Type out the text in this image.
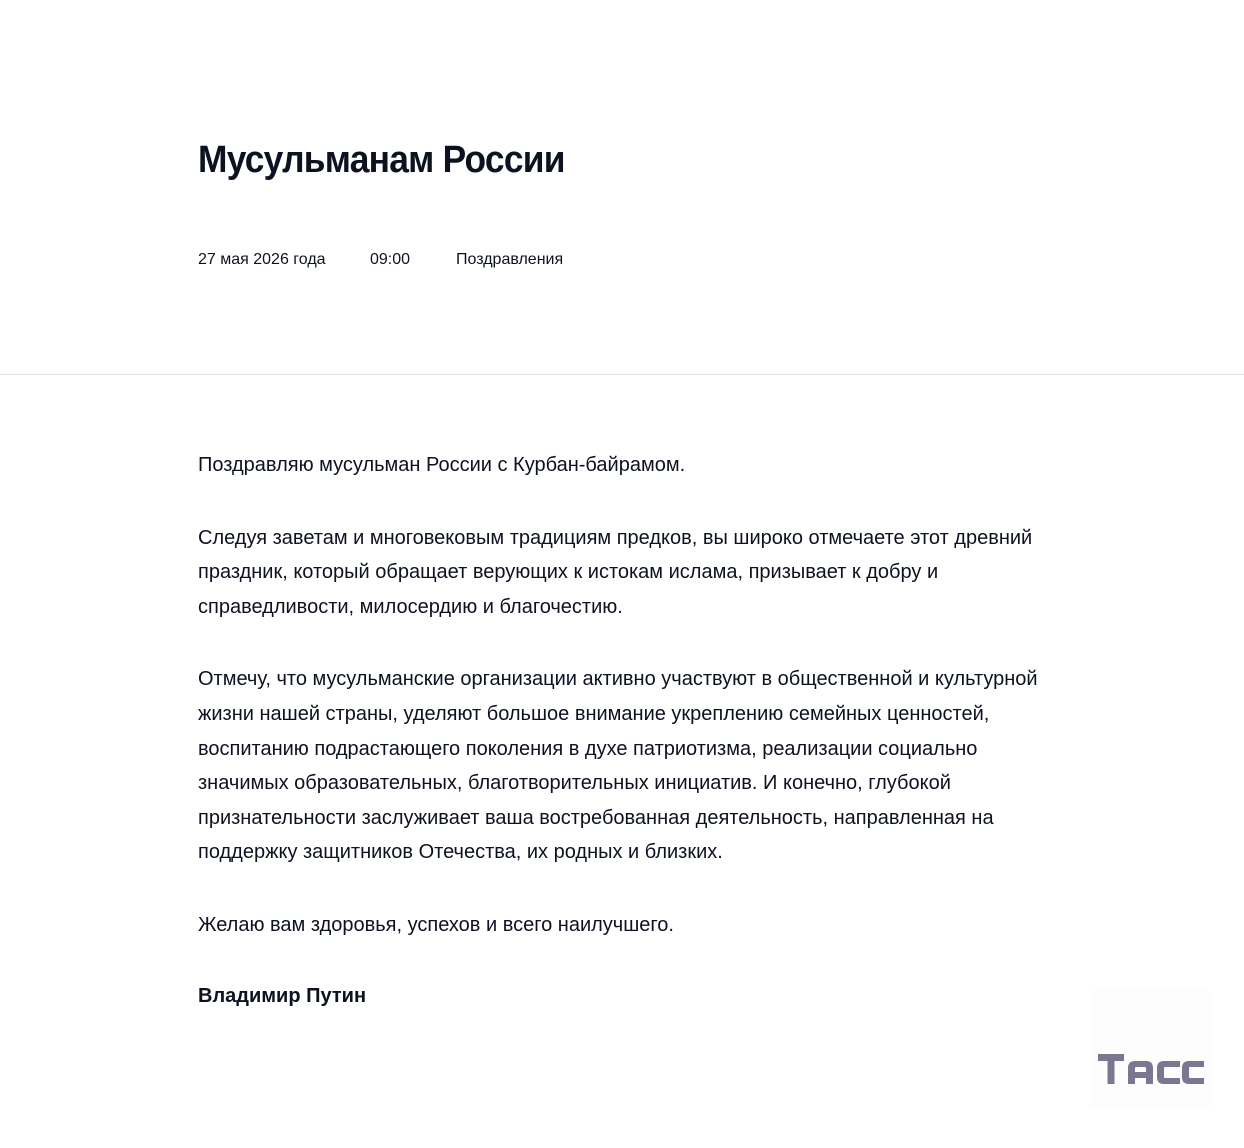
Мусульманам России
27 мая 2026 года	09:00	Поздравления

Поздравляю мусульман России с Курбан-байрамом.

Следуя заветам и многовековым традициям предков, вы широко отмечаете этот древний праздник, который обращает верующих к истокам ислама, призывает к добру и справедливости, милосердию и благочестию.

Отмечу, что мусульманские организации активно участвуют в общественной и культурной жизни нашей страны, уделяют большое внимание укреплению семейных ценностей, воспитанию подрастающего поколения в духе патриотизма, реализации социально значимых образовательных, благотворительных инициатив. И конечно, глубокой признательности заслуживает ваша востребованная деятельность, направленная на поддержку защитников Отечества, их родных и близких.

Желаю вам здоровья, успехов и всего наилучшего.

Владимир Путин
